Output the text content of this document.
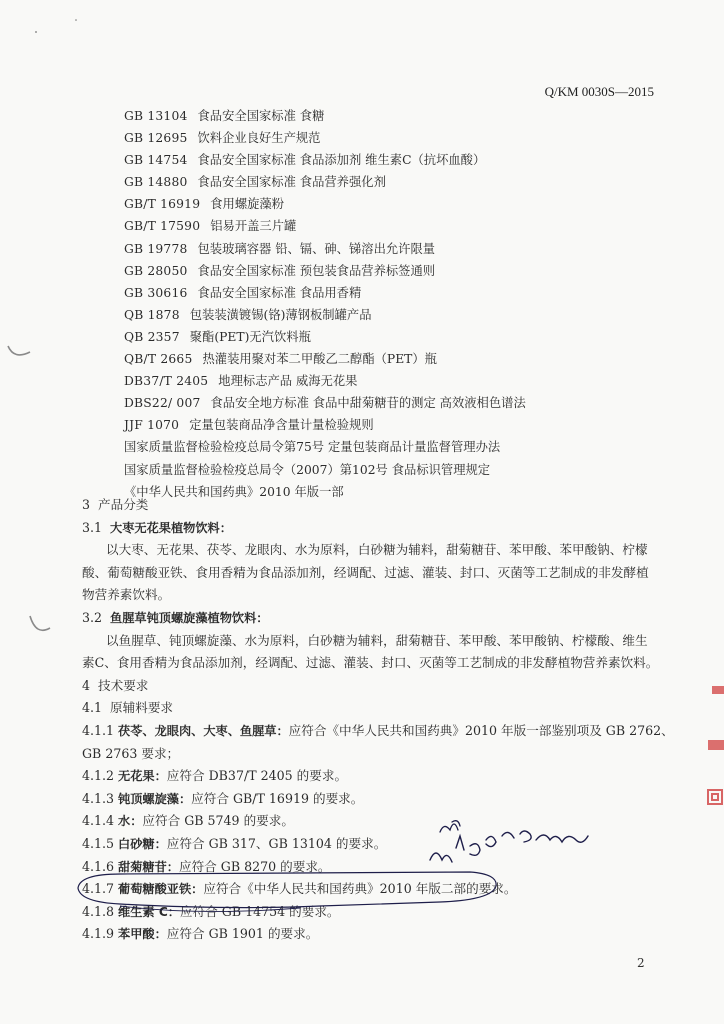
Q/KM 0030S—2015
GB 13104 食品安全国家标准 食糖
GB 12695 饮料企业良好生产规范
GB 14754 食品安全国家标准 食品添加剂 维生素C（抗坏血酸）
GB 14880 食品安全国家标准 食品营养强化剂
GB/T 16919 食用螺旋藻粉
GB/T 17590 铝易开盖三片罐
GB 19778 包装玻璃容器 铅、镉、砷、锑溶出允许限量
GB 28050 食品安全国家标准 预包装食品营养标签通则
GB 30616 食品安全国家标准 食品用香精
QB 1878 包装装潢镀锡(铬)薄钢板制罐产品
QB 2357 聚酯(PET)无汽饮料瓶
QB/T 2665 热灌装用聚对苯二甲酸乙二醇酯（PET）瓶
DB37/T 2405 地理标志产品 威海无花果
DBS22/ 007 食品安全地方标准 食品中甜菊糖苷的测定 高效液相色谱法
JJF 1070 定量包装商品净含量计量检验规则
国家质量监督检验检疫总局令第75号 定量包装商品计量监督管理办法
国家质量监督检验检疫总局令（2007）第102号 食品标识管理规定
《中华人民共和国药典》2010 年版一部
3 产品分类
3.1 大枣无花果植物饮料：
以大枣、无花果、茯苓、龙眼肉、水为原料，白砂糖为辅料，甜菊糖苷、苯甲酸、苯甲酸钠、柠檬
酸、葡萄糖酸亚铁、食用香精为食品添加剂，经调配、过滤、灌装、封口、灭菌等工艺制成的非发酵植
物营养素饮料。
3.2 鱼腥草钝顶螺旋藻植物饮料：
以鱼腥草、钝顶螺旋藻、水为原料，白砂糖为辅料，甜菊糖苷、苯甲酸、苯甲酸钠、柠檬酸、维生
素C、食用香精为食品添加剂，经调配、过滤、灌装、封口、灭菌等工艺制成的非发酵植物营养素饮料。
4 技术要求
4.1 原辅料要求
4.1.1 茯苓、龙眼肉、大枣、鱼腥草：应符合《中华人民共和国药典》2010 年版一部鉴别项及 GB 2762、
GB 2763 要求；
4.1.2 无花果：应符合 DB37/T 2405 的要求。
4.1.3 钝顶螺旋藻：应符合 GB/T 16919 的要求。
4.1.4 水：应符合 GB 5749 的要求。
4.1.5 白砂糖：应符合 GB 317、GB 13104 的要求。
4.1.6 甜菊糖苷：应符合 GB 8270 的要求。
4.1.7 葡萄糖酸亚铁：应符合《中华人民共和国药典》2010 年版二部的要求。
4.1.8 维生素 C：应符合 GB 14754 的要求。
4.1.9 苯甲酸：应符合 GB 1901 的要求。
2
